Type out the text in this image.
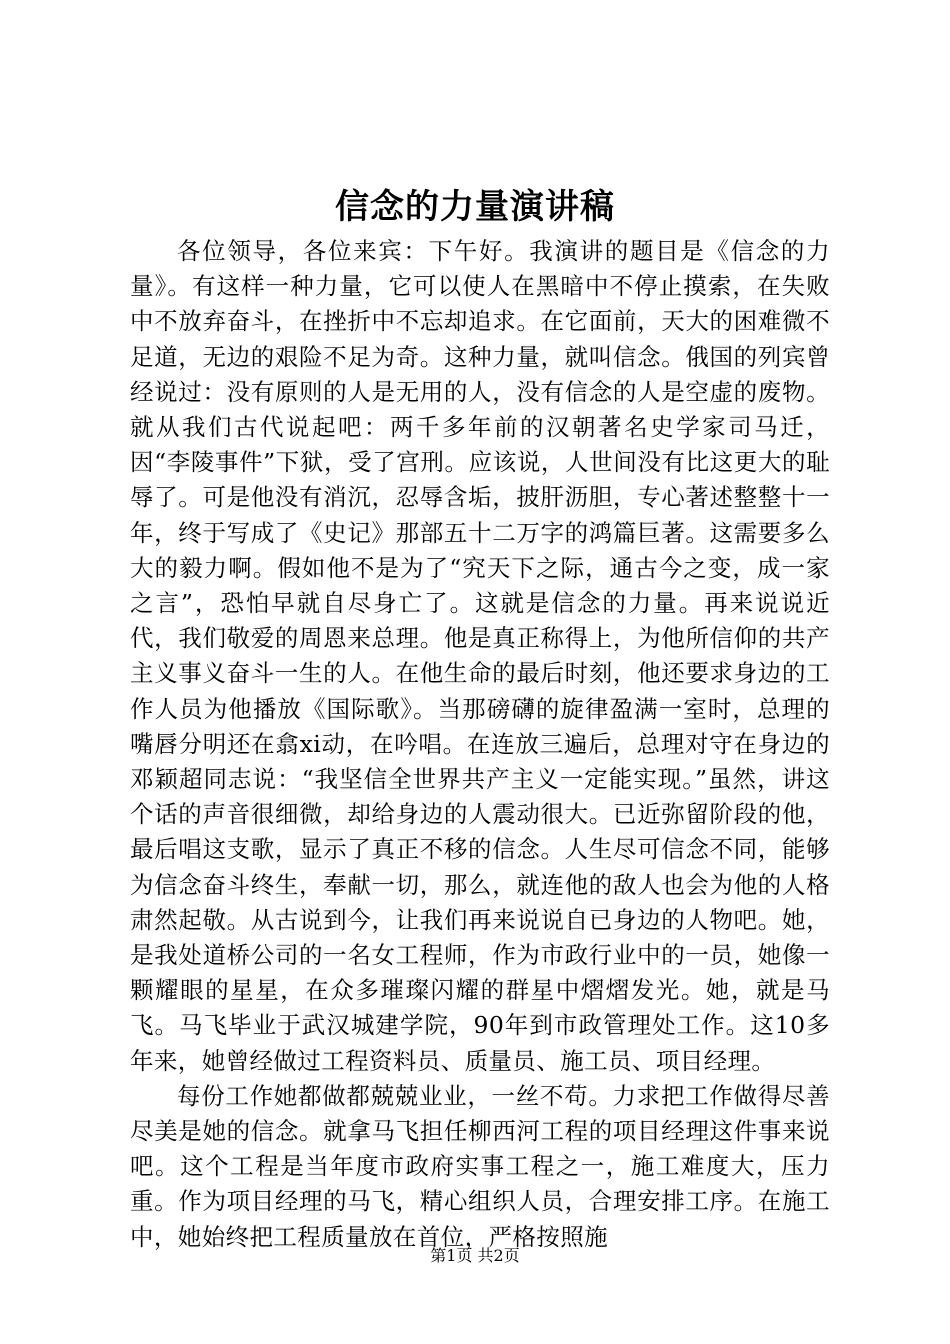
信念的力量演讲稿

各位领导，各位来宾：下午好。我演讲的题目是《信念的力量》。有这样一种力量，它可以使人在黑暗中不停止摸索，在失败中不放弃奋斗，在挫折中不忘却追求。在它面前，天大的困难微不足道，无边的艰险不足为奇。这种力量，就叫信念。俄国的列宾曾经说过：没有原则的人是无用的人，没有信念的人是空虚的废物。就从我们古代说起吧：两千多年前的汉朝著名史学家司马迁，因“李陵事件”下狱，受了宫刑。应该说，人世间没有比这更大的耻辱了。可是他没有消沉，忍辱含垢，披肝沥胆，专心著述整整十一年，终于写成了《史记》那部五十二万字的鸿篇巨著。这需要多么大的毅力啊。假如他不是为了“究天下之际，通古今之变，成一家之言”，恐怕早就自尽身亡了。这就是信念的力量。再来说说近代，我们敬爱的周恩来总理。他是真正称得上，为他所信仰的共产主义事义奋斗一生的人。在他生命的最后时刻，他还要求身边的工作人员为他播放《国际歌》。当那磅礴的旋律盈满一室时，总理的嘴唇分明还在翕xi动，在吟唱。在连放三遍后，总理对守在身边的邓颖超同志说：“我坚信全世界共产主义一定能实现。”虽然，讲这个话的声音很细微，却给身边的人震动很大。已近弥留阶段的他，最后唱这支歌，显示了真正不移的信念。人生尽可信念不同，能够为信念奋斗终生，奉献一切，那么，就连他的敌人也会为他的人格肃然起敬。从古说到今，让我们再来说说自已身边的人物吧。她，是我处道桥公司的一名女工程师，作为市政行业中的一员，她像一颗耀眼的星星，在众多璀璨闪耀的群星中熠熠发光。她，就是马飞。马飞毕业于武汉城建学院，90年到市政管理处工作。这10多年来，她曾经做过工程资料员、质量员、施工员、项目经理。

每份工作她都做都兢兢业业，一丝不苟。力求把工作做得尽善尽美是她的信念。就拿马飞担任柳西河工程的项目经理这件事来说吧。这个工程是当年度市政府实事工程之一，施工难度大，压力重。作为项目经理的马飞，精心组织人员，合理安排工序。在施工中，她始终把工程质量放在首位，严格按照施

第1页 共2页
